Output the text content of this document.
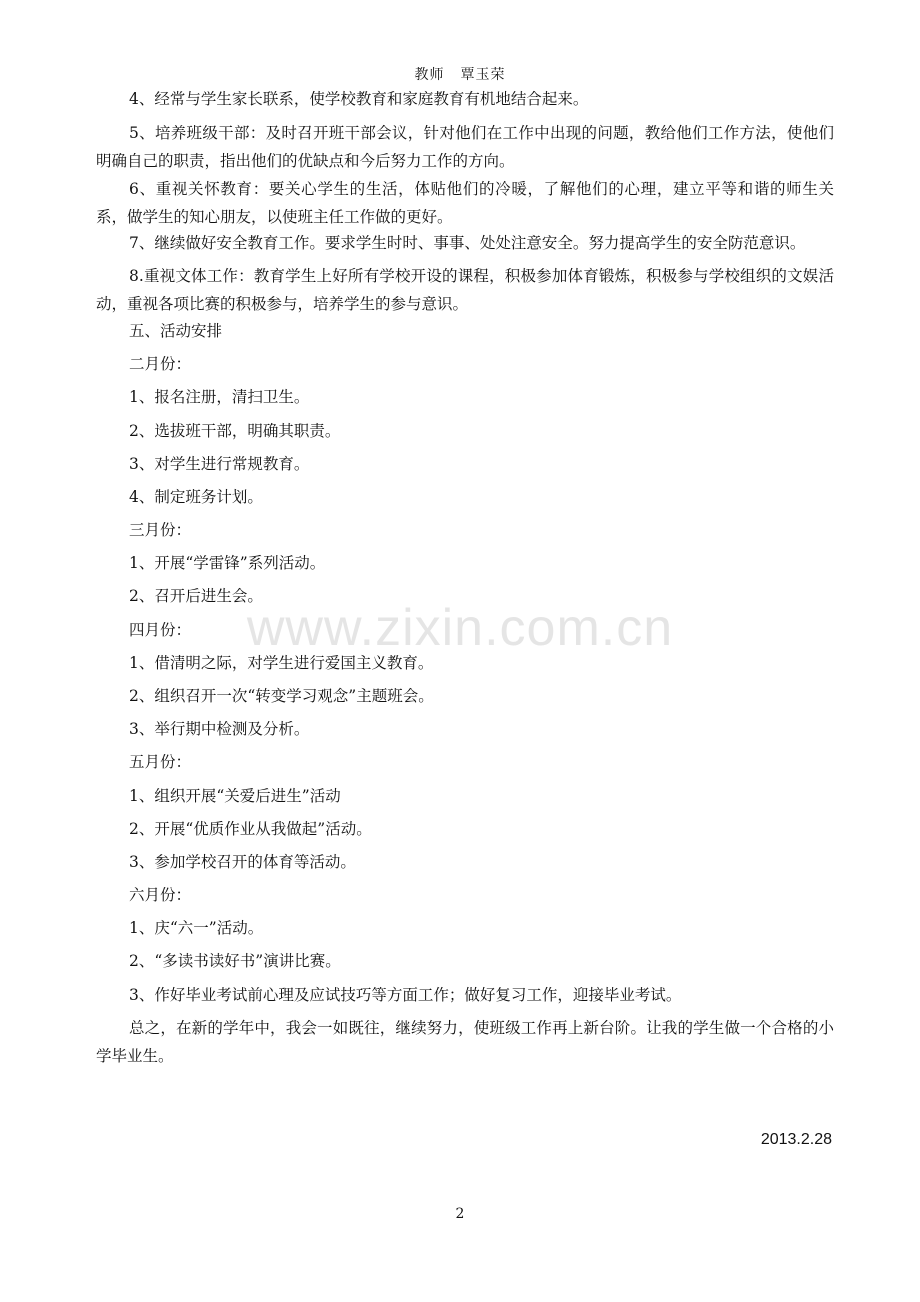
教师 覃玉荣
4、经常与学生家长联系，使学校教育和家庭教育有机地结合起来。
5、培养班级干部：及时召开班干部会议，针对他们在工作中出现的问题，教给他们工作方法，使他们明确自己的职责，指出他们的优缺点和今后努力工作的方向。
6、重视关怀教育：要关心学生的生活，体贴他们的冷暖，了解他们的心理，建立平等和谐的师生关系，做学生的知心朋友，以使班主任工作做的更好。
7、继续做好安全教育工作。要求学生时时、事事、处处注意安全。努力提高学生的安全防范意识。
8.重视文体工作：教育学生上好所有学校开设的课程，积极参加体育锻炼，积极参与学校组织的文娱活动，重视各项比赛的积极参与，培养学生的参与意识。
五、活动安排
二月份：
1、报名注册，清扫卫生。
2、选拔班干部，明确其职责。
3、对学生进行常规教育。
4、制定班务计划。
三月份：
1、开展“学雷锋”系列活动。
2、召开后进生会。
四月份：
1、借清明之际，对学生进行爱国主义教育。
2、组织召开一次“转变学习观念”主题班会。
3、举行期中检测及分析。
五月份：
1、组织开展“关爱后进生”活动
2、开展“优质作业从我做起”活动。
3、参加学校召开的体育等活动。
六月份：
1、庆“六一”活动。
2、“多读书读好书”演讲比赛。
3、作好毕业考试前心理及应试技巧等方面工作；做好复习工作，迎接毕业考试。
总之，在新的学年中，我会一如既往，继续努力，使班级工作再上新台阶。让我的学生做一个合格的小学毕业生。
2013.2.28
2
www.zixin.com.cn
